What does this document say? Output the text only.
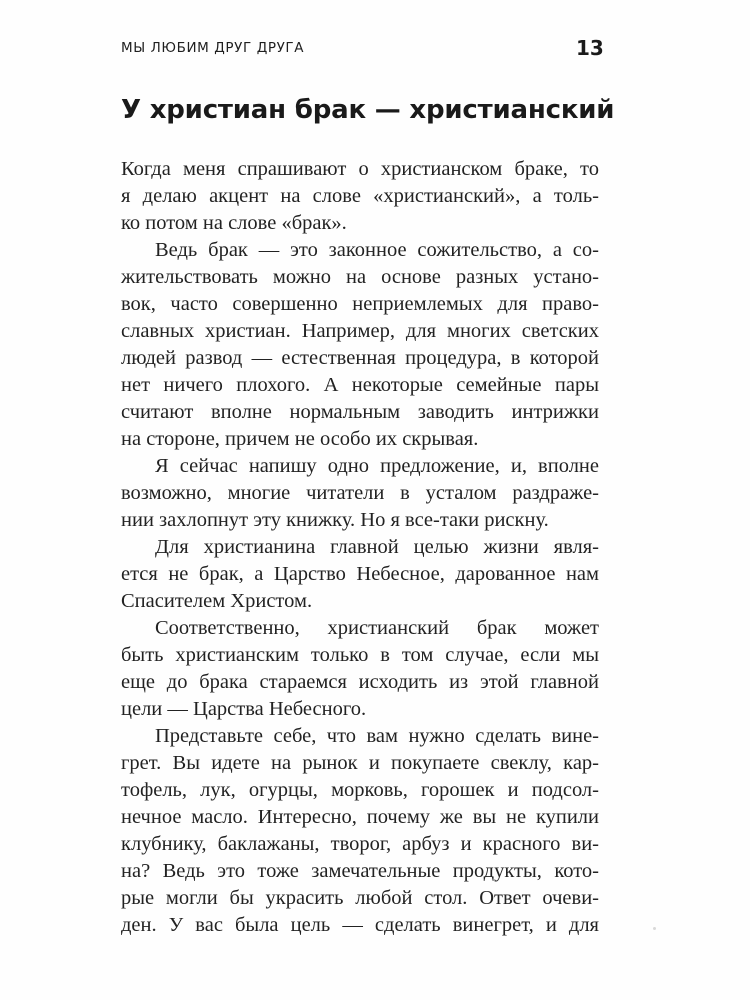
МЫ ЛЮБИМ ДРУГ ДРУГА	13
У христиан брак — христианский
Когда меня спрашивают о христианском браке, то
я делаю акцент на слове «христианский», а толь-
ко потом на слове «брак».
Ведь брак — это законное сожительство, а со-
жительствовать можно на основе разных устано-
вок, часто совершенно неприемлемых для право-
славных христиан. Например, для многих светских
людей развод — естественная процедура, в которой
нет ничего плохого. А некоторые семейные пары
считают вполне нормальным заводить интрижки
на стороне, причем не особо их скрывая.
Я сейчас напишу одно предложение, и, вполне
возможно, многие читатели в усталом раздраже-
нии захлопнут эту книжку. Но я все-таки рискну.
Для христианина главной целью жизни явля-
ется не брак, а Царство Небесное, дарованное нам
Спасителем Христом.
Соответственно, христианский брак может
быть христианским только в том случае, если мы
еще до брака стараемся исходить из этой главной
цели — Царства Небесного.
Представьте себе, что вам нужно сделать вине-
грет. Вы идете на рынок и покупаете свеклу, кар-
тофель, лук, огурцы, морковь, горошек и подсол-
нечное масло. Интересно, почему же вы не купили
клубнику, баклажаны, творог, арбуз и красного ви-
на? Ведь это тоже замечательные продукты, кото-
рые могли бы украсить любой стол. Ответ очеви-
ден. У вас была цель — сделать винегрет, и для
